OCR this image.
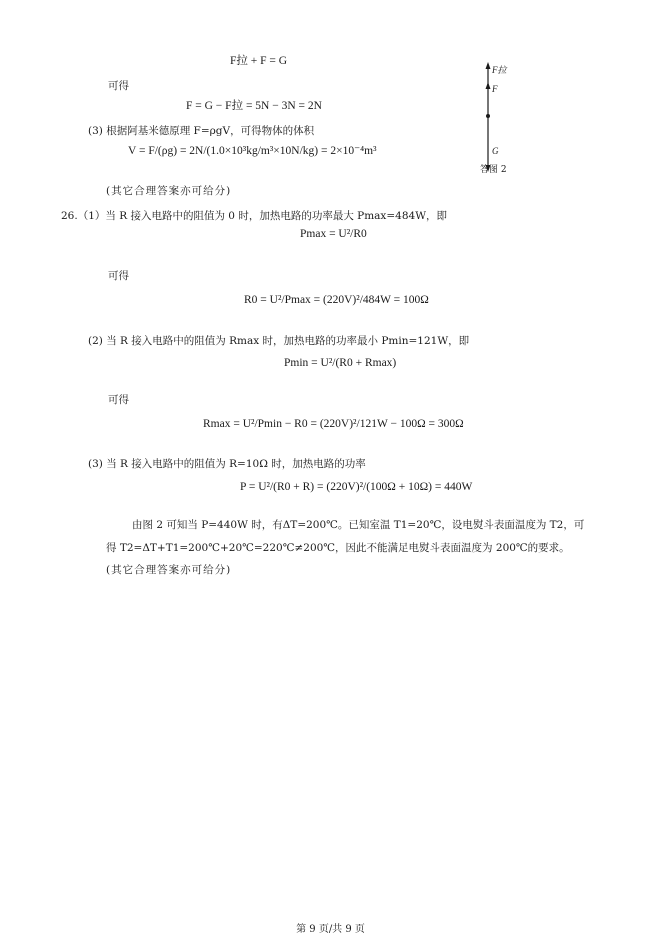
F拉 + F = G
可得
F = G − F拉 = 5N − 3N = 2N
(3) 根据阿基米德原理 F=ρgV，可得物体的体积
V = F/(ρg) = 2N/(1.0×10³kg/m³×10N/kg) = 2×10⁻⁴m³
(其它合理答案亦可给分)
F拉
F
G
答图 2
26.（1）当 R 接入电路中的阻值为 0 时，加热电路的功率最大 Pmax=484W，即
Pmax = U²/R0
可得
R0 = U²/Pmax = (220V)²/484W = 100Ω
(2) 当 R 接入电路中的阻值为 Rmax 时，加热电路的功率最小 Pmin=121W，即
Pmin = U²/(R0 + Rmax)
可得
Rmax = U²/Pmin − R0 = (220V)²/121W − 100Ω = 300Ω
(3) 当 R 接入电路中的阻值为 R=10Ω 时，加热电路的功率
P = U²/(R0 + R) = (220V)²/(100Ω + 10Ω) = 440W
由图 2 可知当 P=440W 时，有ΔT=200℃。已知室温 T1=20℃，设电熨斗表面温度为 T2，可
得 T2=ΔT+T1=200℃+20℃=220℃≠200℃，因此不能满足电熨斗表面温度为 200℃的要求。
(其它合理答案亦可给分)
第 9 页/共 9 页
